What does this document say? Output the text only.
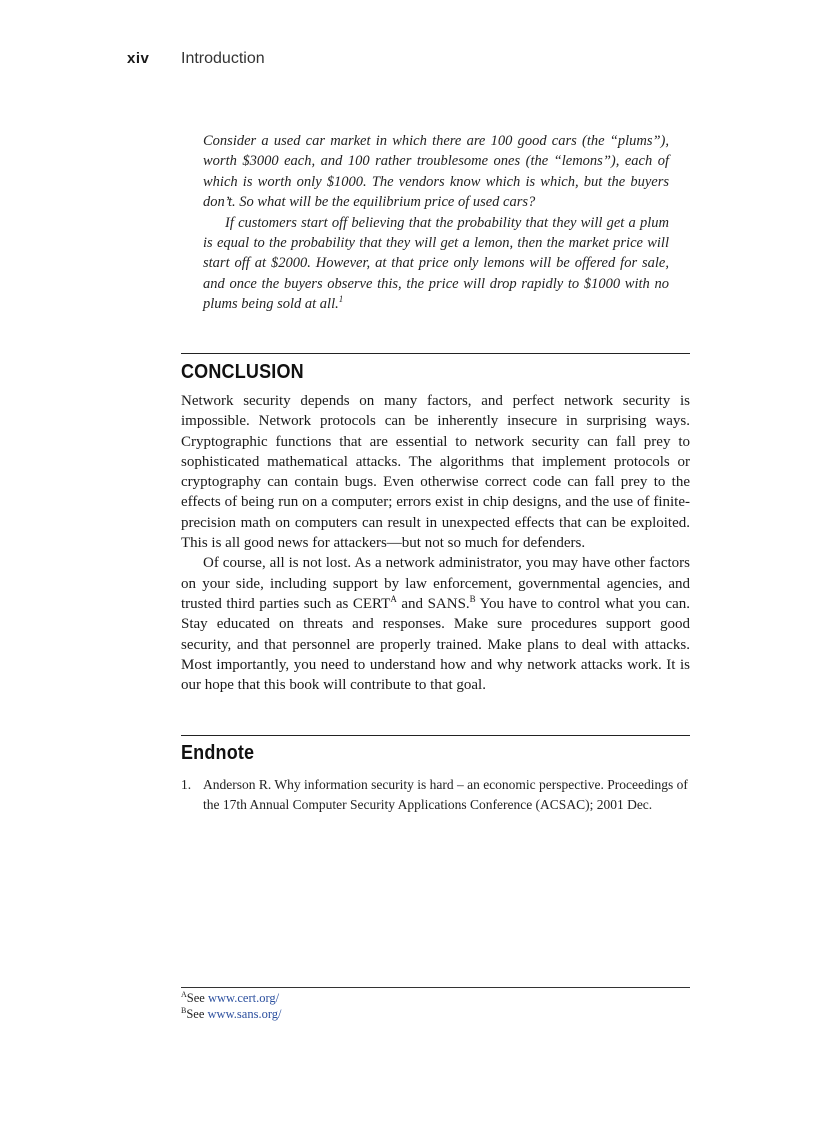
xiv	Introduction

Consider a used car market in which there are 100 good cars (the “plums”), worth $3000 each, and 100 rather troublesome ones (the “lemons”), each of which is worth only $1000. The vendors know which is which, but the buyers don’t. So what will be the equilibrium price of used cars?

If customers start off believing that the probability that they will get a plum is equal to the probability that they will get a lemon, then the market price will start off at $2000. However, at that price only lemons will be offered for sale, and once the buyers observe this, the price will drop rapidly to $1000 with no plums being sold at all.$^1$

CONCLUSION

Network security depends on many factors, and perfect network security is impossible. Network protocols can be inherently insecure in surprising ways. Cryptographic functions that are essential to network security can fall prey to sophisticated mathematical attacks. The algorithms that implement protocols or cryptography can contain bugs. Even otherwise correct code can fall prey to the effects of being run on a computer; errors exist in chip designs, and the use of finite-precision math on computers can result in unexpected effects that can be exploited. This is all good news for attackers—but not so much for defenders.

Of course, all is not lost. As a network administrator, you may have other factors on your side, including support by law enforcement, governmental agencies, and trusted third parties such as $CERT^A$ and SANS.$^B$ You have to control what you can. Stay educated on threats and responses. Make sure procedures support good security, and that personnel are properly trained. Make plans to deal with attacks. Most importantly, you need to understand how and why network attacks work. It is our hope that this book will contribute to that goal.

Endnote
1. Anderson R. Why information security is hard – an economic perspective. Proceedings of the 17th Annual Computer Security Applications Conference (ACSAC); 2001 Dec.
$^A$See www.cert.org/
$^B$See www.sans.org/
